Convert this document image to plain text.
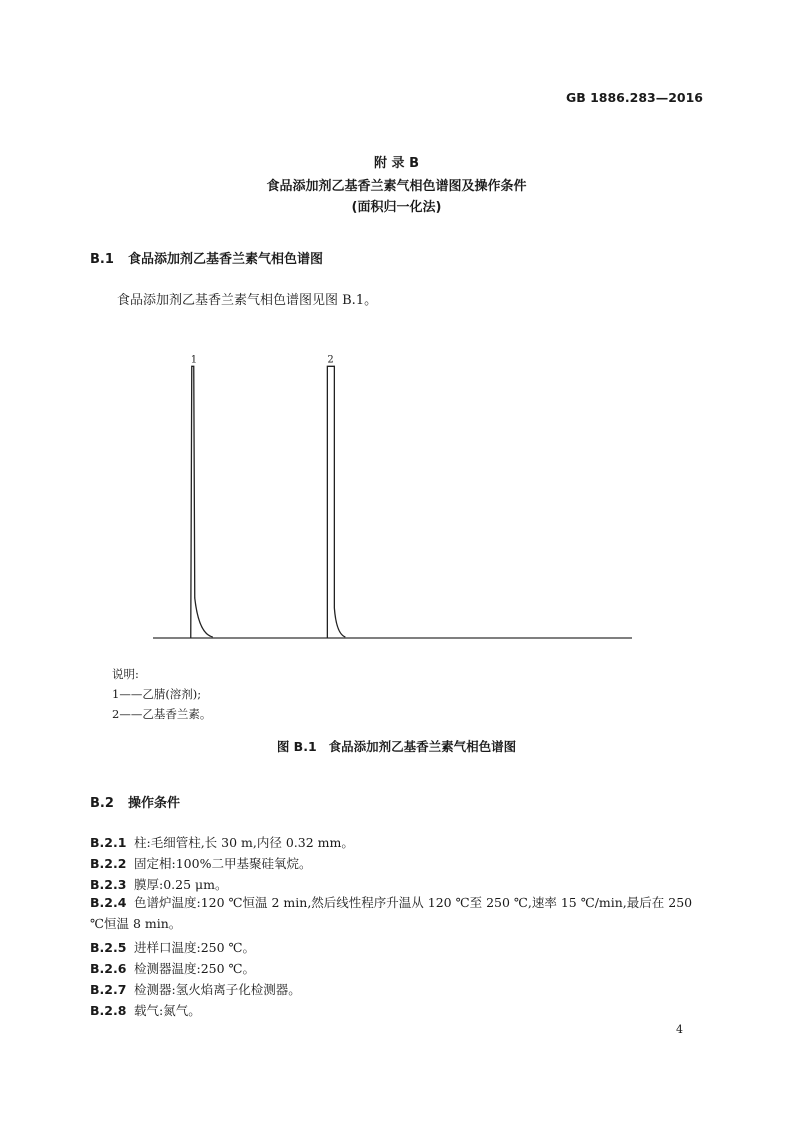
GB 1886.283—2016
附 录 B
食品添加剂乙基香兰素气相色谱图及操作条件
(面积归一化法)
B.1 食品添加剂乙基香兰素气相色谱图
食品添加剂乙基香兰素气相色谱图见图 B.1。
1	2
说明:
1——乙腈(溶剂);
2——乙基香兰素。
图 B.1 食品添加剂乙基香兰素气相色谱图
B.2 操作条件
B.2.1 柱:毛细管柱,长 30 m,内径 0.32 mm。
B.2.2 固定相:100%二甲基聚硅氧烷。
B.2.3 膜厚:0.25 μm。
B.2.4 色谱炉温度:120 ℃恒温 2 min,然后线性程序升温从 120 ℃至 250 ℃,速率 15 ℃/min,最后在 250 ℃恒温 8 min。
B.2.5 进样口温度:250 ℃。
B.2.6 检测器温度:250 ℃。
B.2.7 检测器:氢火焰离子化检测器。
B.2.8 载气:氮气。
4
